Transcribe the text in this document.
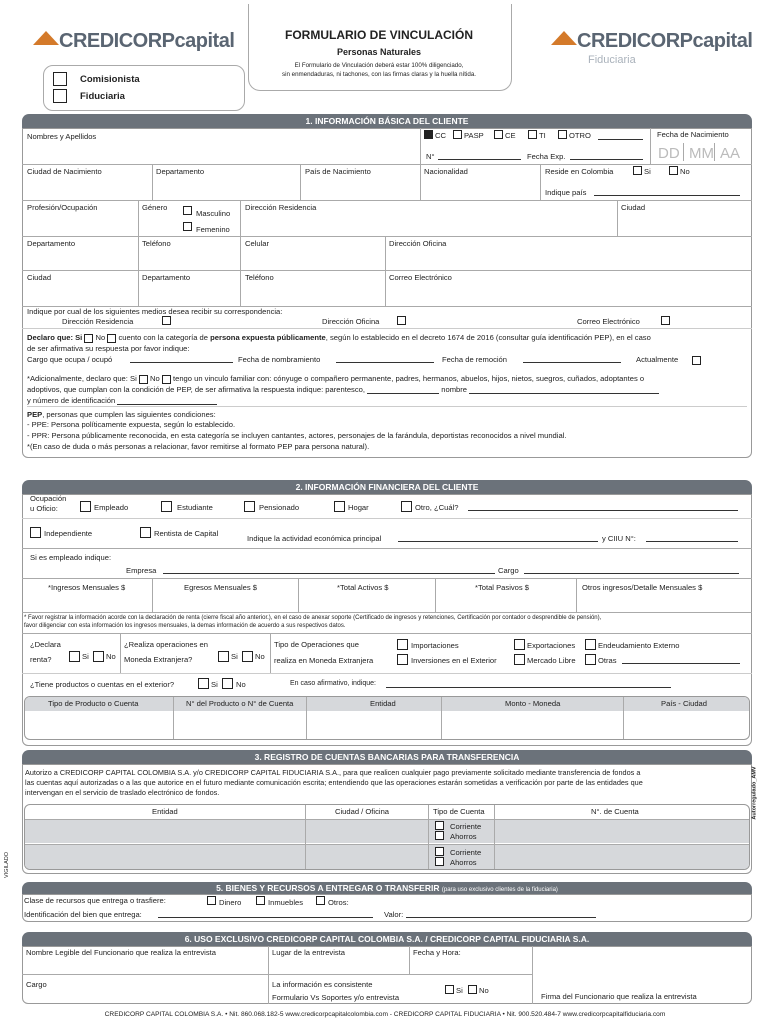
CREDICORPcapital	CREDICORPcapital
Fiduciaria
FORMULARIO DE VINCULACIÓN
Personas Naturales
El Formulario de Vinculación deberá estar 100% diligenciado,
sin enmendaduras, ni tachones, con las firmas claras y la huella nítida.
Comisionista
Fiduciaria
1. INFORMACIÓN BÁSICA DEL CLIENTE
Nombres y Apellidos	CC PASP	CE	TI	OTRO
N°	Fecha Exp.
Fecha de Nacimiento
DD MM AA
Ciudad de Nacimiento	Departamento	País de Nacimiento	Nacionalidad	Reside en Colombia	Si	No
Indique país
Profesión/Ocupación	Género
Masculino
Femenino
Dirección Residencia	Ciudad
Departamento	Teléfono	Celular	Dirección Oficina
Ciudad	Departamento	Teléfono	Correo Electrónico
Indique por cual de los siguientes medios desea recibir su correspondencia:
Dirección Residencia	Dirección Oficina	Correo Electrónico
Declaro que: Si No cuento con la categoría de persona expuesta públicamente, según lo establecido en el decreto 1674 de 2016 (consultar guía identificación PEP), en el caso
de ser afirmativa su respuesta por favor indique:
Cargo que ocupa / ocupó	Fecha de nombramiento	Fecha de remoción	Actualmente
*Adicionalmente, declaro que: Si No tengo un vinculo familiar con: cónyuge o compañero permanente, padres, hermanos, abuelos, hijos, nietos, suegros, cuñados, adoptantes o
adoptivos, que cumplan con la condición de PEP, de ser afirmativa la respuesta indique: parentesco,	nombre
y número de identificación
PEP, personas que cumplen las siguientes condiciones:
- PPE: Persona políticamente expuesta, según lo establecido.
- PPR: Persona públicamente reconocida, en esta categoría se incluyen cantantes, actores, personajes de la farándula, deportistas reconocidos a nivel mundial.
*(En caso de duda o más personas a relacionar, favor remitirse al formato PEP para persona natural).
2. INFORMACIÓN FINANCIERA DEL CLIENTE
Ocupación
u Oficio:	Empleado	Estudiante	Pensionado	Hogar	Otro, ¿Cuál?
Independiente	Rentista de Capital
Indique la actividad económica principal	y CIIU N°:
Si es empleado indique:
Empresa	Cargo
*Ingresos Mensuales $	Egresos Mensuales $	*Total Activos $	*Total Pasivos $	Otros ingresos/Detalle Mensuales $
* Favor registrar la información acorde con la declaración de renta (cierre fiscal año anterior.), en el caso de anexar soporte (Certificado de ingresos y retenciones, Certificación por contador o desprendible de pensión),
favor diligenciar con esta información los ingresos mensuales, la demas información de acuerdo a sus respectivos datos.
¿Declara
renta?	Si No
¿Realiza operaciones en
Moneda Extranjera?	Si No
Tipo de Operaciones que
realiza en Moneda Extranjera
Importaciones	Exportaciones	Endeudamiento Externo
Inversiones en el Exterior	Mercado Libre	Otras
¿Tiene productos o cuentas en el exterior?	Si No	En caso afirmativo, indique:
Tipo de Producto o Cuenta	N° del Producto o N° de Cuenta	Entidad	Monto - Moneda	País - Ciudad
3. REGISTRO DE CUENTAS BANCARIAS PARA TRANSFERENCIA
Autorizo a CREDICORP CAPITAL COLOMBIA S.A. y/o CREDICORP CAPITAL FIDUCIARIA S.A., para que realicen cualquier pago previamente solicitado mediante transferencia de fondos a
las cuentas aquí autorizadas o a las que autorice en el futuro mediante comunicación escrita; entendiendo que las operaciones estarán sometidas a verificación por parte de las entidades que
intervengan en el servicio de traslado electrónico de fondos.
Entidad	Ciudad / Oficina	Tipo de Cuenta	N°. de Cuenta
Corriente
Ahorros
Corriente
Ahorros
Autorregulado_AMV
VIGILADO
5. BIENES Y RECURSOS A ENTREGAR O TRANSFERIR (para uso exclusivo clientes de la fiduciaria)
Clase de recursos que entrega o trasfiere:	Dinero	Inmuebles	Otros:
Identificación del bien que entrega:	Valor:
6. USO EXCLUSIVO CREDICORP CAPITAL COLOMBIA S.A. / CREDICORP CAPITAL FIDUCIARIA S.A.
Nombre Legible del Funcionario que realiza la entrevista	Lugar de la entrevista	Fecha y Hora:
Cargo	La información es consistente
Formulario Vs Soportes y/o entrevista
Si No
Firma del Funcionario que realiza la entrevista
CREDICORP CAPITAL COLOMBIA S.A. • Nit. 860.068.182-5 www.credicorpcapitalcolombia.com - CREDICORP CAPITAL FIDUCIARIA • Nit. 900.520.484-7 www.credicorpcapitalfiduciaria.com
